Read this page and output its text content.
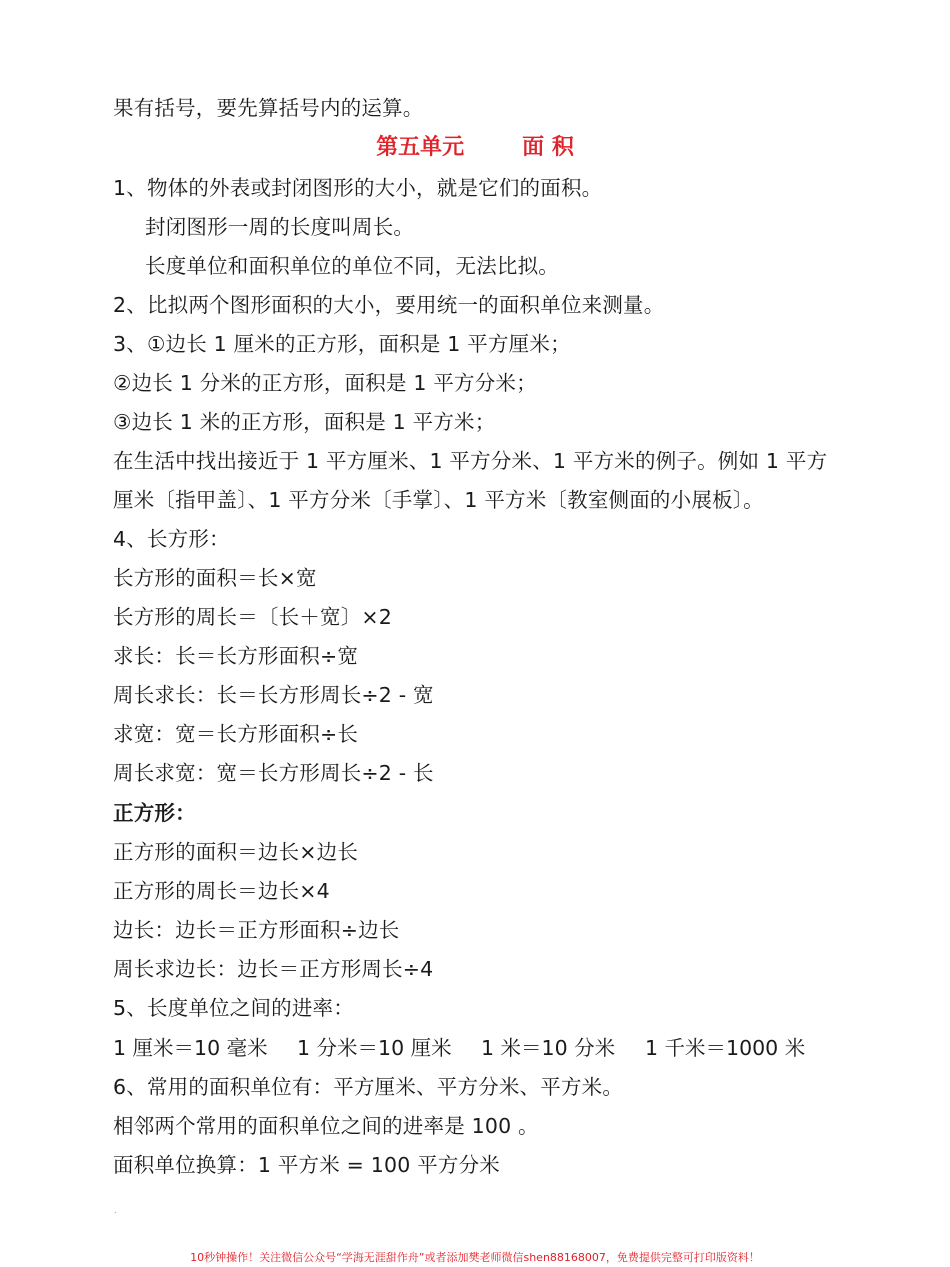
果有括号，要先算括号内的运算。
第五单元	面 积
1、物体的外表或封闭图形的大小，就是它们的面积。
封闭图形一周的长度叫周长。
长度单位和面积单位的单位不同，无法比拟。
2、比拟两个图形面积的大小，要用统一的面积单位来测量。
3、①边长 1 厘米的正方形，面积是 1 平方厘米；
②边长 1 分米的正方形，面积是 1 平方分米；
③边长 1 米的正方形，面积是 1 平方米；
在生活中找出接近于 1 平方厘米、1 平方分米、1 平方米的例子。例如 1 平方
厘米〔指甲盖〕、1 平方分米〔手掌〕、1 平方米〔教室侧面的小展板〕。
4、长方形：
长方形的面积＝长×宽
长方形的周长＝〔长＋宽〕×2
求长：长＝长方形面积÷宽
周长求长：长＝长方形周长÷2 - 宽
求宽：宽＝长方形面积÷长
周长求宽：宽＝长方形周长÷2 - 长
正方形：
正方形的面积＝边长×边长
正方形的周长＝边长×4
边长：边长＝正方形面积÷边长
周长求边长：边长＝正方形周长÷4
5、长度单位之间的进率：
1 厘米＝10 毫米 1 分米＝10 厘米 1 米＝10 分米 1 千米＝1000 米
6、常用的面积单位有：平方厘米、平方分米、平方米。
相邻两个常用的面积单位之间的进率是 100 。
面积单位换算：1 平方米 = 100 平方分米
.
10秒钟操作！关注微信公众号“学海无涯甜作舟”或者添加樊老师微信shen88168007，免费提供完整可打印版资料！
